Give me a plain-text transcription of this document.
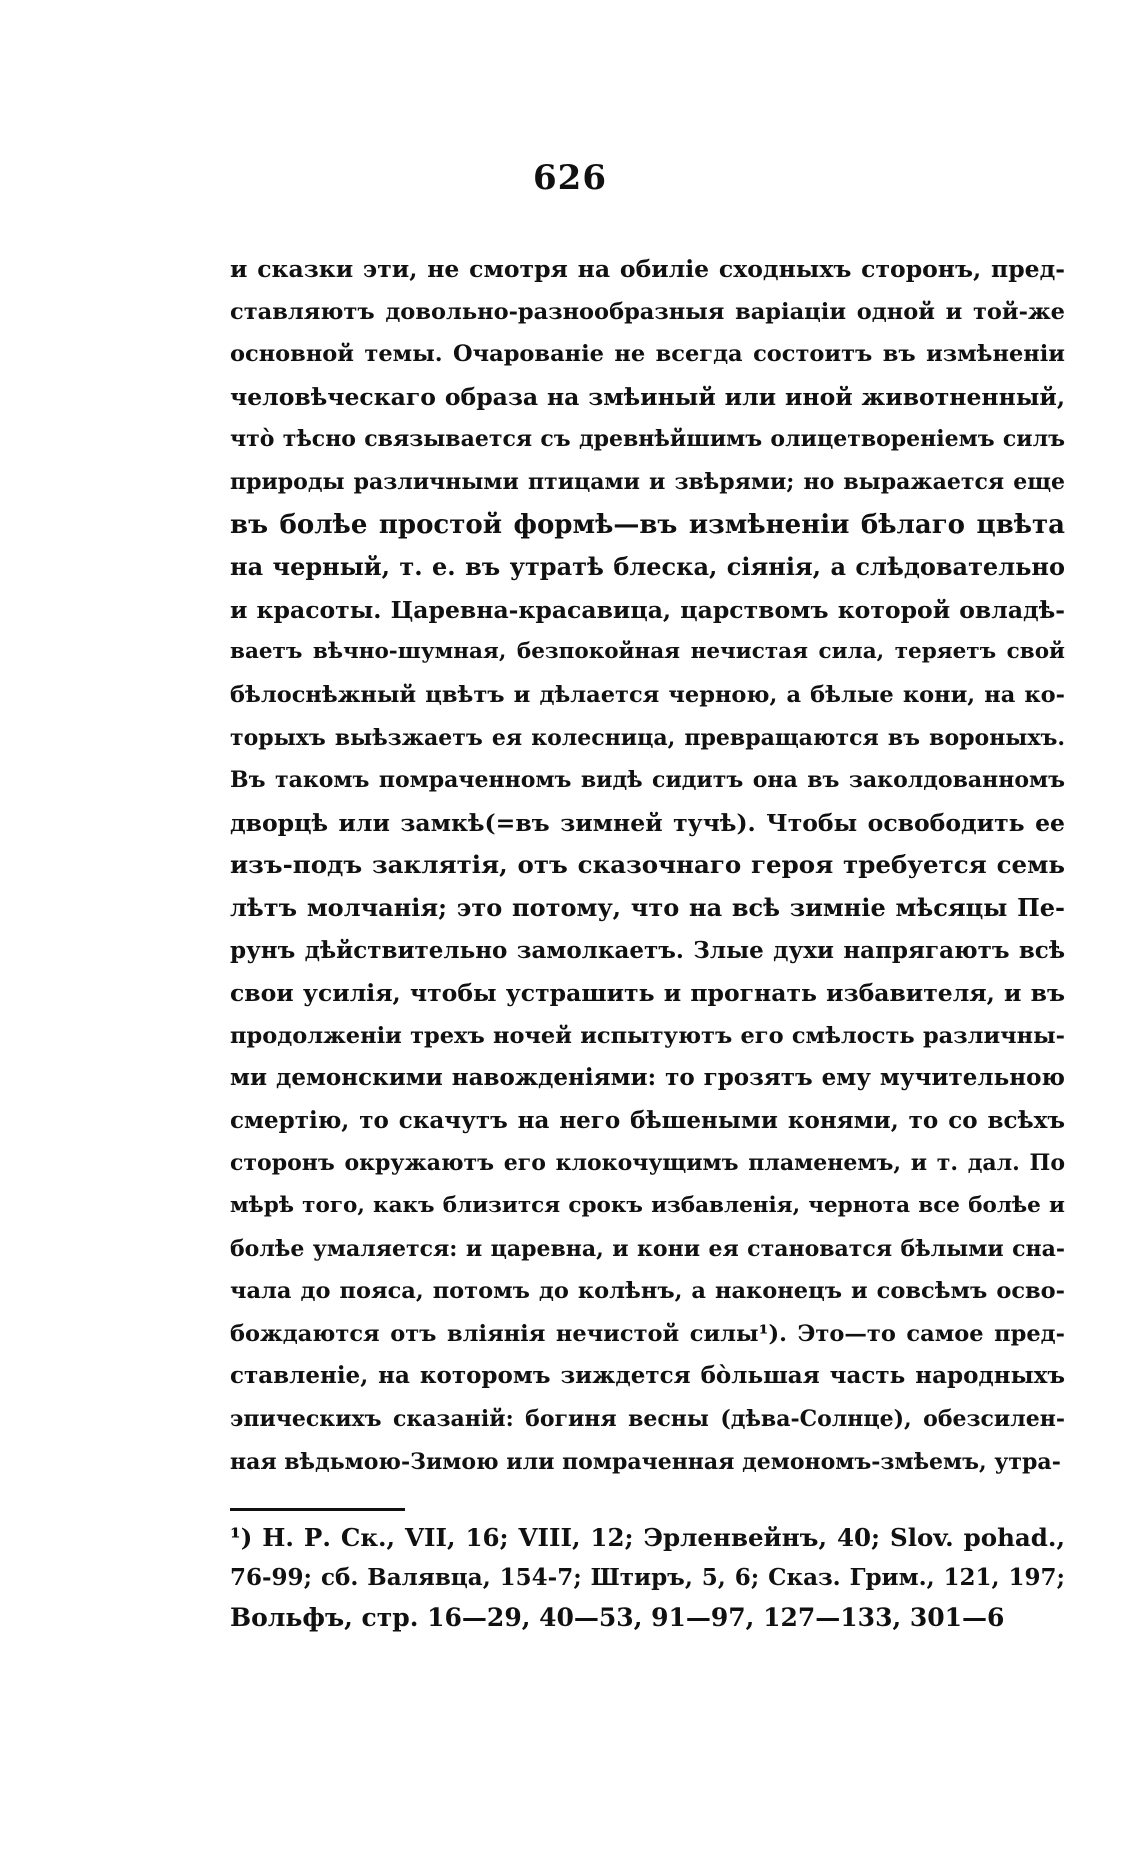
626
и сказки эти, не смотря на обиліе сходныхъ сторонъ, пред-
ставляютъ довольно-разнообразныя варіаціи одной и той-же
основной темы. Очарованіе не всегда состоитъ въ измѣненіи
человѣческаго образа на змѣиный или иной животненный,
что̀ тѣсно связывается съ древнѣйшимъ олицетвореніемъ силъ
природы различными птицами и звѣрями; но выражается еще
въ болѣе простой формѣ—въ измѣненіи бѣлаго цвѣта
на черный, т. е. въ утратѣ блеска, сіянія, а слѣдовательно
и красоты. Царевна-красавица, царствомъ которой овладѣ-
ваетъ вѣчно-шумная, безпокойная нечистая сила, теряетъ свой
бѣлоснѣжный цвѣтъ и дѣлается черною, а бѣлые кони, на ко-
торыхъ выѣзжаетъ ея колесница, превращаются въ вороныхъ.
Въ такомъ помраченномъ видѣ сидитъ она въ заколдованномъ
дворцѣ или замкѣ(=въ зимней тучѣ). Чтобы освободить ее
изъ-подъ заклятія, отъ сказочнаго героя требуется семь
лѣтъ молчанія; это потому, что на всѣ зимніе мѣсяцы Пе-
рунъ дѣйствительно замолкаетъ. Злые духи напрягаютъ всѣ
свои усилія, чтобы устрашить и прогнать избавителя, и въ
продолженіи трехъ ночей испытуютъ его смѣлость различны-
ми демонскими навожденіями: то грозятъ ему мучительною
смертію, то скачутъ на него бѣшеными конями, то со всѣхъ
сторонъ окружаютъ его клокочущимъ пламенемъ, и т. дал. По
мѣрѣ того, какъ близится срокъ избавленія, чернота все болѣе и
болѣе умаляется: и царевна, и кони ея становатся бѣлыми сна-
чала до пояса, потомъ до колѣнъ, а наконецъ и совсѣмъ осво-
бождаются отъ вліянія нечистой силы¹). Это—то самое пред-
ставленіе, на которомъ зиждется бо̀льшая часть народныхъ
эпическихъ сказаній: богиня весны (дѣва-Солнце), обезсилен-
ная вѣдьмою-Зимою или помраченная демономъ-змѣемъ, утра-
¹) Н. Р. Ск., VII, 16; VIII, 12; Эрленвейнъ, 40; Slov. pohad.,
76-99; сб. Валявца, 154-7; Штиръ, 5, 6; Сказ. Грим., 121, 197;
Вольфъ, стр. 16—29, 40—53, 91—97, 127—133, 301—6
